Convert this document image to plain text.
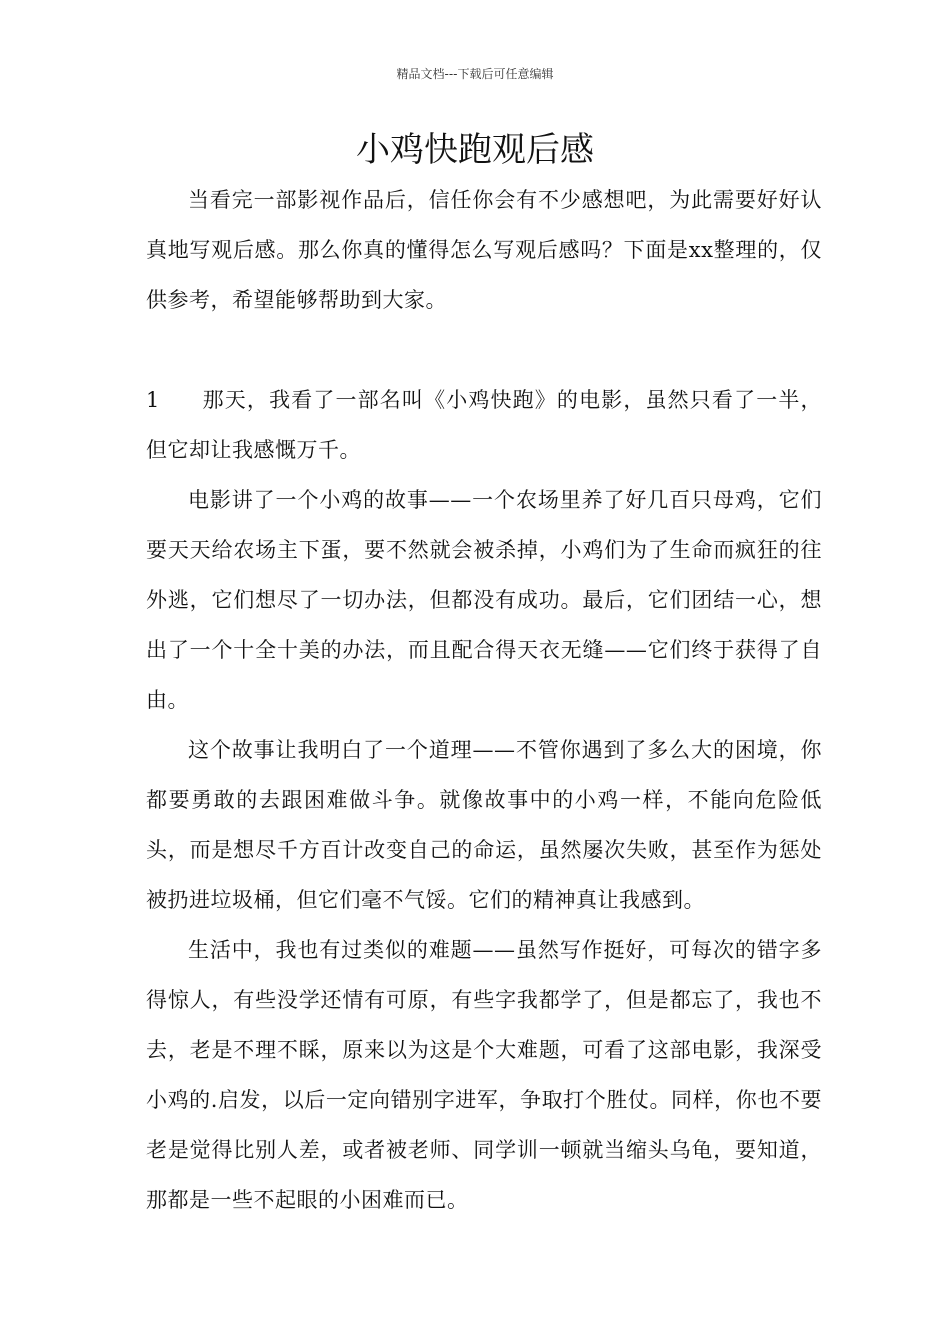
精品文档---下载后可任意编辑
小鸡快跑观后感

当看完一部影视作品后，信任你会有不少感想吧，为此需要好好认真地写观后感。那么你真的懂得怎么写观后感吗？下面是xx整理的，仅供参考，希望能够帮助到大家。

1 那天，我看了一部名叫《小鸡快跑》的电影，虽然只看了一半，但它却让我感慨万千。

电影讲了一个小鸡的故事——一个农场里养了好几百只母鸡，它们要天天给农场主下蛋，要不然就会被杀掉，小鸡们为了生命而疯狂的往外逃，它们想尽了一切办法，但都没有成功。最后，它们团结一心，想出了一个十全十美的办法，而且配合得天衣无缝——它们终于获得了自由。

这个故事让我明白了一个道理——不管你遇到了多么大的困境，你都要勇敢的去跟困难做斗争。就像故事中的小鸡一样，不能向危险低头，而是想尽千方百计改变自己的命运，虽然屡次失败，甚至作为惩处被扔进垃圾桶，但它们毫不气馁。它们的精神真让我感到。

生活中，我也有过类似的难题——虽然写作挺好，可每次的错字多得惊人，有些没学还情有可原，有些字我都学了，但是都忘了，我也不去，老是不理不睬，原来以为这是个大难题，可看了这部电影，我深受小鸡的.启发，以后一定向错别字进军，争取打个胜仗。同样，你也不要老是觉得比别人差，或者被老师、同学训一顿就当缩头乌龟，要知道，那都是一些不起眼的小困难而已。
